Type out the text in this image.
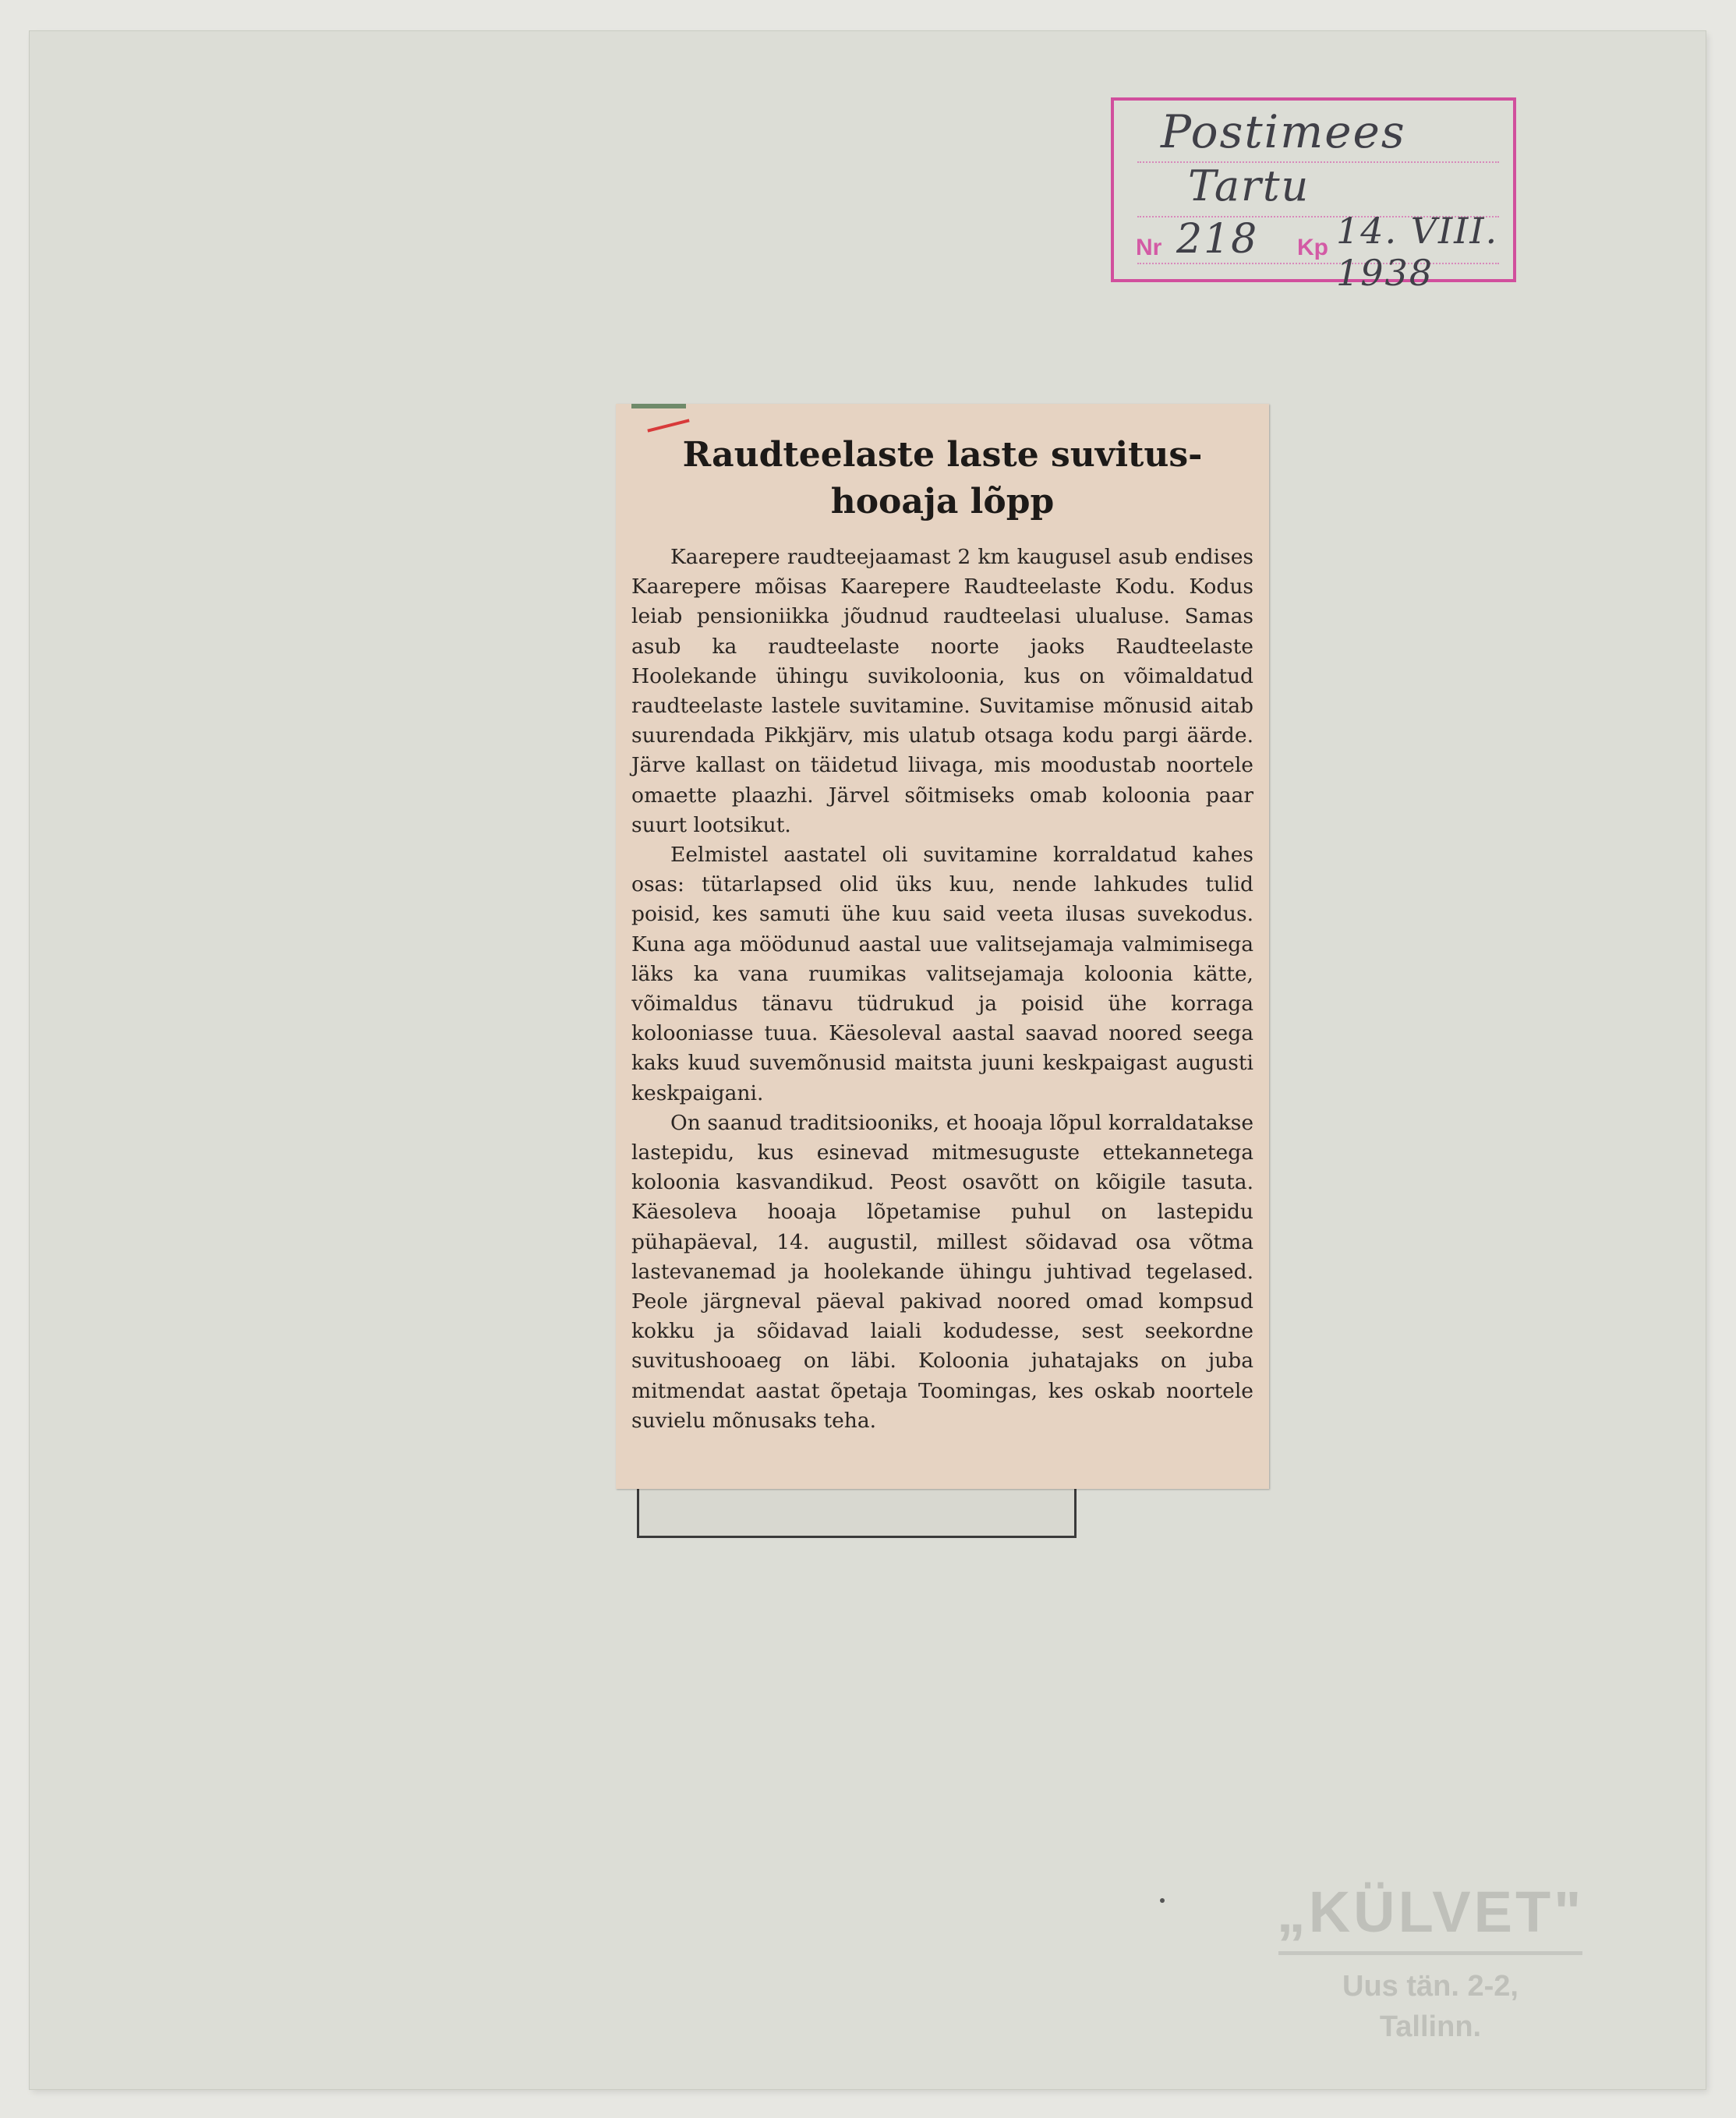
Postimees
Tartu
Nr 218 Kp 14. VIII. 1938
Raudteelaste laste suvitus-
hooaja lõpp

Kaarepere raudteejaamast 2 km kaugusel asub endises Kaarepere mõisas Kaarepere Raudteelaste Kodu. Kodus leiab pensioniikka jõudnud raudteelasi ulualuse. Samas asub ka raudteelaste noorte jaoks Raudteelaste Hoolekande ühingu suvikoloonia, kus on võimaldatud raudteelaste lastele suvitamine. Suvitamise mõnusid aitab suurendada Pikkjärv, mis ulatub otsaga kodu pargi äärde. Järve kallast on täidetud liivaga, mis moodustab noortele omaette plaazhi. Järvel sõitmiseks omab koloonia paar suurt lootsikut.

Eelmistel aastatel oli suvitamine korraldatud kahes osas: tütarlapsed olid üks kuu, nende lahkudes tulid poisid, kes samuti ühe kuu said veeta ilusas suvekodus. Kuna aga möödunud aastal uue valitsejamaja valmimisega läks ka vana ruumikas valitsejamaja koloonia kätte, võimaldus tänavu tüdrukud ja poisid ühe korraga kolooniasse tuua. Käesoleval aastal saavad noored seega kaks kuud suvemõnusid maitsta juuni keskpaigast augusti keskpaigani.

On saanud traditsiooniks, et hooaja lõpul korraldatakse lastepidu, kus esinevad mitmesuguste ettekannetega koloonia kasvandikud. Peost osavõtt on kõigile tasuta. Käesoleva hooaja lõpetamise puhul on lastepidu pühapäeval, 14. augustil, millest sõidavad osa võtma lastevanemad ja hoolekande ühingu juhtivad tegelased. Peole järgneval päeval pakivad noored omad kompsud kokku ja sõidavad laiali kodudesse, sest seekordne suvitushooaeg on läbi. Koloonia juhatajaks on juba mitmendat aastat õpetaja Toomingas, kes oskab noortele suvielu mõnusaks teha.

„KÜLVET"
Uus tän. 2-2,
Tallinn.
